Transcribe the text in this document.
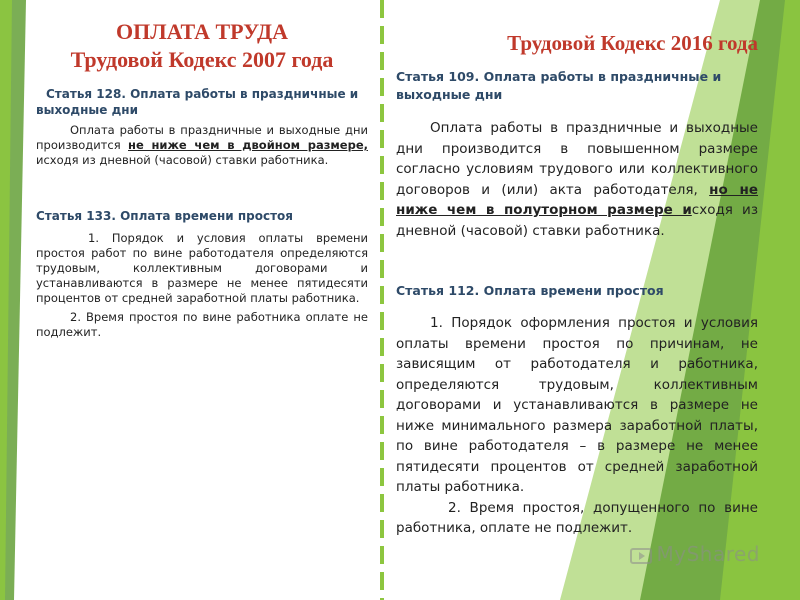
ОПЛАТА ТРУДА
Трудовой Кодекс 2007 года

Статья 128. Оплата работы в праздничные и выходные дни

Оплата работы в праздничные и выходные дни производится не ниже чем в двойном размере, исходя из дневной (часовой) ставки работника.

Статья 133. Оплата времени простоя

1. Порядок и условия оплаты времени простоя работ по вине работодателя определяются трудовым, коллективным договорами и устанавливаются в размере не менее пятидесяти процентов от средней заработной платы работника.

2. Время простоя по вине работника оплате не подлежит.

Трудовой Кодекс 2016 года

Статья 109. Оплата работы в праздничные и выходные дни

Оплата работы в праздничные и выходные дни производится в повышенном размере согласно условиям трудового или коллективного договоров и (или) акта работодателя, но не ниже чем в полуторном размере исходя из дневной (часовой) ставки работника.

Статья 112. Оплата времени простоя

1. Порядок оформления простоя и условия оплаты времени простоя по причинам, не зависящим от работодателя и работника, определяются трудовым, коллективным договорами и устанавливаются в размере не ниже минимального размера заработной платы, по вине работодателя – в размере не менее пятидесяти процентов от средней заработной платы работника.

2. Время простоя, допущенного по вине работника, оплате не подлежит.

MyShared
